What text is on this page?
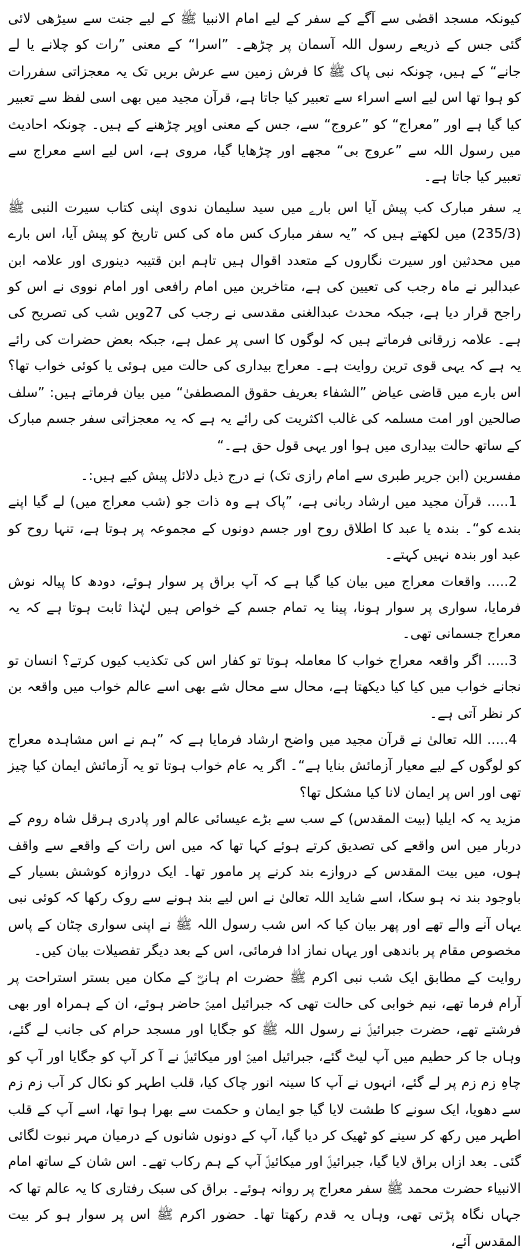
کیونکہ مسجد اقصٰی سے آگے کے سفر کے لیے امام الانبیا ﷺ کے لیے جنت سے سیڑھی لائی گئی جس کے ذریعے رسول اللہ آسمان پر چڑھے۔ ”اسرا“ کے معنی ”رات کو چلانے یا لے جانے“ کے ہیں، چونکہ نبی پاک ﷺ کا فرش زمین سے عرش بریں تک یہ معجزاتی سفررات کو ہوا تھا اس لیے اسے اسراء سے تعبیر کیا جاتا ہے، قرآن مجید میں بھی اسی لفظ سے تعبیر کیا گیا ہے اور ”معراج“ کو ”عروج“ سے، جس کے معنی اوپر چڑھنے کے ہیں۔ چونکہ احادیث میں رسول اللہ سے ”عروج بی“ مجھے اور چڑھایا گیا، مروی ہے، اس لیے اسے معراج سے تعبیر کیا جاتا ہے۔

یہ سفر مبارک کب پیش آیا اس بارے میں سید سلیمان ندوی اپنی کتاب سیرت النبی ﷺ (235/3) میں لکھتے ہیں کہ ”یہ سفر مبارک کس ماہ کی کس تاریخ کو پیش آیا، اس بارے میں محدثین اور سیرت نگاروں کے متعدد اقوال ہیں تاہم ابن قتیبہ دینوری اور علامہ ابن عبدالبر نے ماہ رجب کی تعیین کی ہے، متاخرین میں امام رافعی اور امام نووی نے اس کو راجح قرار دیا ہے، جبکہ محدث عبدالغنی مقدسی نے رجب کی 27ویں شب کی تصریح کی ہے۔ علامہ زرقانی فرماتے ہیں کہ لوگوں کا اسی پر عمل ہے، جبکہ بعض حضرات کی رائے یہ ہے کہ یہی قوی ترین روایت ہے۔ معراج بیداری کی حالت میں ہوئی یا کوئی خواب تھا؟ اس بارے میں قاضی عیاض ”الشفاء بعریف حقوق المصطفیٰ“ میں بیان فرماتے ہیں: ”سلف صالحین اور امت مسلمہ کی غالب اکثریت کی رائے یہ ہے کہ یہ معجزاتی سفر جسم مبارک کے ساتھ حالت بیداری میں ہوا اور یہی قول حق ہے۔“

مفسرین (ابن جریر طبری سے امام رازی تک) نے درج ذیل دلائل پیش کیے ہیں:۔

1..... قرآن مجید میں ارشاد ربانی ہے، ”پاک ہے وہ ذات جو (شب معراج میں) لے گیا اپنے بندے کو“۔ بندہ یا عبد کا اطلاق روح اور جسم دونوں کے مجموعہ پر ہوتا ہے، تنہا روح کو عبد اور بندہ نہیں کہتے۔

2..... واقعات معراج میں بیان کیا گیا ہے کہ آپ براق پر سوار ہوئے، دودھ کا پیالہ نوش فرمایا، سواری پر سوار ہونا، پینا یہ تمام جسم کے خواص ہیں لہٰذا ثابت ہوتا ہے کہ یہ معراج جسمانی تھی۔

3..... اگر واقعہ معراج خواب کا معاملہ ہوتا تو کفار اس کی تکذیب کیوں کرتے؟ انسان تو نجانے خواب میں کیا کیا دیکھتا ہے، محال سے محال شے بھی اسے عالم خواب میں واقعہ بن کر نظر آتی ہے۔

4..... اللہ تعالیٰ نے قرآن مجید میں واضح ارشاد فرمایا ہے کہ ”ہم نے اس مشاہدہ معراج کو لوگوں کے لیے معیار آزمائش بنایا ہے“۔ اگر یہ عام خواب ہوتا تو یہ آزمائش ایمان کیا چیز تھی اور اس پر ایمان لانا کیا مشکل تھا؟

مزید یہ کہ ایلیا (بیت المقدس) کے سب سے بڑے عیسائی عالم اور پادری ہرقل شاہ روم کے دربار میں اس واقعے کی تصدیق کرتے ہوئے کہا تھا کہ میں اس رات کے واقعے سے واقف ہوں، میں بیت المقدس کے دروازے بند کرنے پر مامور تھا۔ ایک دروازہ کوشش بسیار کے باوجود بند نہ ہو سکا، اسے شاید اللہ تعالیٰ نے اس لیے بند ہونے سے روک رکھا کہ کوئی نبی یہاں آنے والے تھے اور پھر بیان کیا کہ اس شب رسول اللہ ﷺ نے اپنی سواری چٹان کے پاس مخصوص مقام پر باندھی اور یہاں نماز ادا فرمائی، اس کے بعد دیگر تفصیلات بیان کیں۔

روایت کے مطابق ایک شب نبی اکرم ﷺ حضرت ام ہانیؓ کے مکان میں بستر استراحت پر آرام فرما تھے، نیم خوابی کی حالت تھی کہ جبرائیل امینؑ حاضر ہوئے، ان کے ہمراہ اور بھی فرشتے تھے، حضرت جبرائیلؑ نے رسول اللہ ﷺ کو جگایا اور مسجد حرام کی جانب لے گئے، وہاں جا کر حطیم میں آپ لیٹ گئے، جبرائیل امینؑ اور میکائیلؑ نے آ کر آپ کو جگایا اور آپ کو چاہِ زم زم پر لے گئے، انہوں نے آپ کا سینہ انور چاک کیا، قلب اطہر کو نکال کر آب زم زم سے دھویا، ایک سونے کا طشت لایا گیا جو ایمان و حکمت سے بھرا ہوا تھا، اسے آپ کے قلب اطہر میں رکھ کر سینے کو ٹھیک کر دیا گیا، آپ کے دونوں شانوں کے درمیان مہر نبوت لگائی گئی۔ بعد ازاں براق لایا گیا، جبرائیلؑ اور میکائیلؑ آپ کے ہم رکاب تھے۔ اس شان کے ساتھ امام الانبیاء حضرت محمد ﷺ سفر معراج پر روانہ ہوئے۔ براق کی سبک رفتاری کا یہ عالم تھا کہ جہاں نگاہ پڑتی تھی، وہاں یہ قدم رکھتا تھا۔ حضور اکرم ﷺ اس پر سوار ہو کر بیت المقدس آئے،
